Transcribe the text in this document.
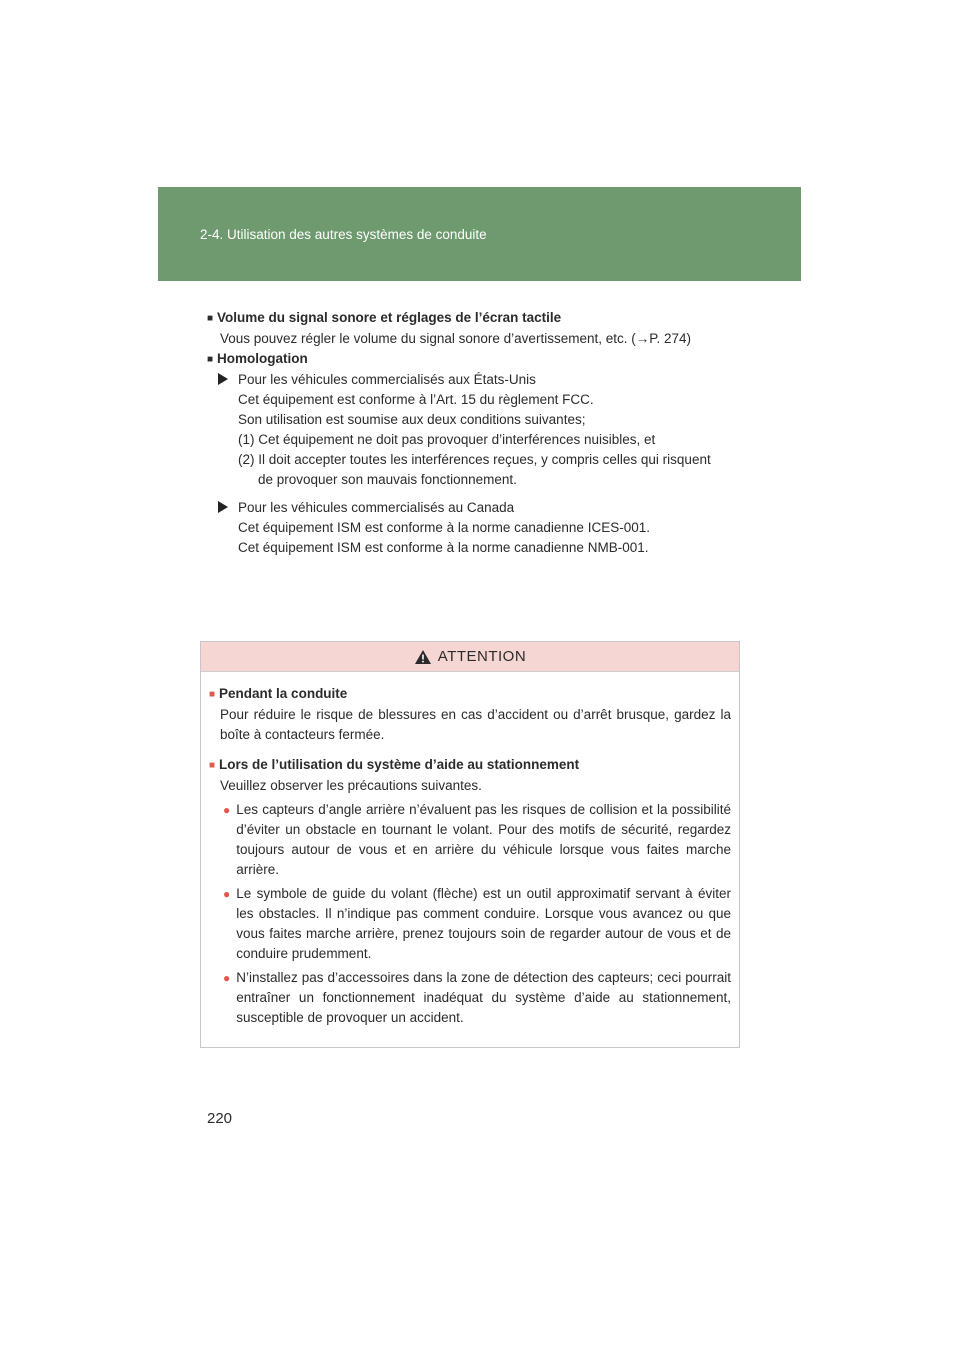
2-4. Utilisation des autres systèmes de conduite

■ Volume du signal sonore et réglages de l’écran tactile

Vous pouvez régler le volume du signal sonore d’avertissement, etc. (→P. 274)

■ Homologation

Pour les véhicules commercialisés aux États-Unis

Cet équipement est conforme à l’Art. 15 du règlement FCC.

Son utilisation est soumise aux deux conditions suivantes;

(1) Cet équipement ne doit pas provoquer d’interférences nuisibles, et

(2) Il doit accepter toutes les interférences reçues, y compris celles qui risquent

de provoquer son mauvais fonctionnement.

Pour les véhicules commercialisés au Canada

Cet équipement ISM est conforme à la norme canadienne ICES-001.

Cet équipement ISM est conforme à la norme canadienne NMB-001.

ATTENTION

■ Pendant la conduite

Pour réduire le risque de blessures en cas d’accident ou d’arrêt brusque, gardez la boîte à contacteurs fermée.

■ Lors de l’utilisation du système d’aide au stationnement

Veuillez observer les précautions suivantes.

● Les capteurs d’angle arrière n’évaluent pas les risques de collision et la possibilité d’éviter un obstacle en tournant le volant. Pour des motifs de sécurité, regardez toujours autour de vous et en arrière du véhicule lorsque vous faites marche arrière.
● Le symbole de guide du volant (flèche) est un outil approximatif servant à éviter les obstacles. Il n’indique pas comment conduire. Lorsque vous avancez ou que vous faites marche arrière, prenez toujours soin de regarder autour de vous et de conduire prudemment.
● N’installez pas d’accessoires dans la zone de détection des capteurs; ceci pourrait entraîner un fonctionnement inadéquat du système d’aide au stationnement, susceptible de provoquer un accident.
220
